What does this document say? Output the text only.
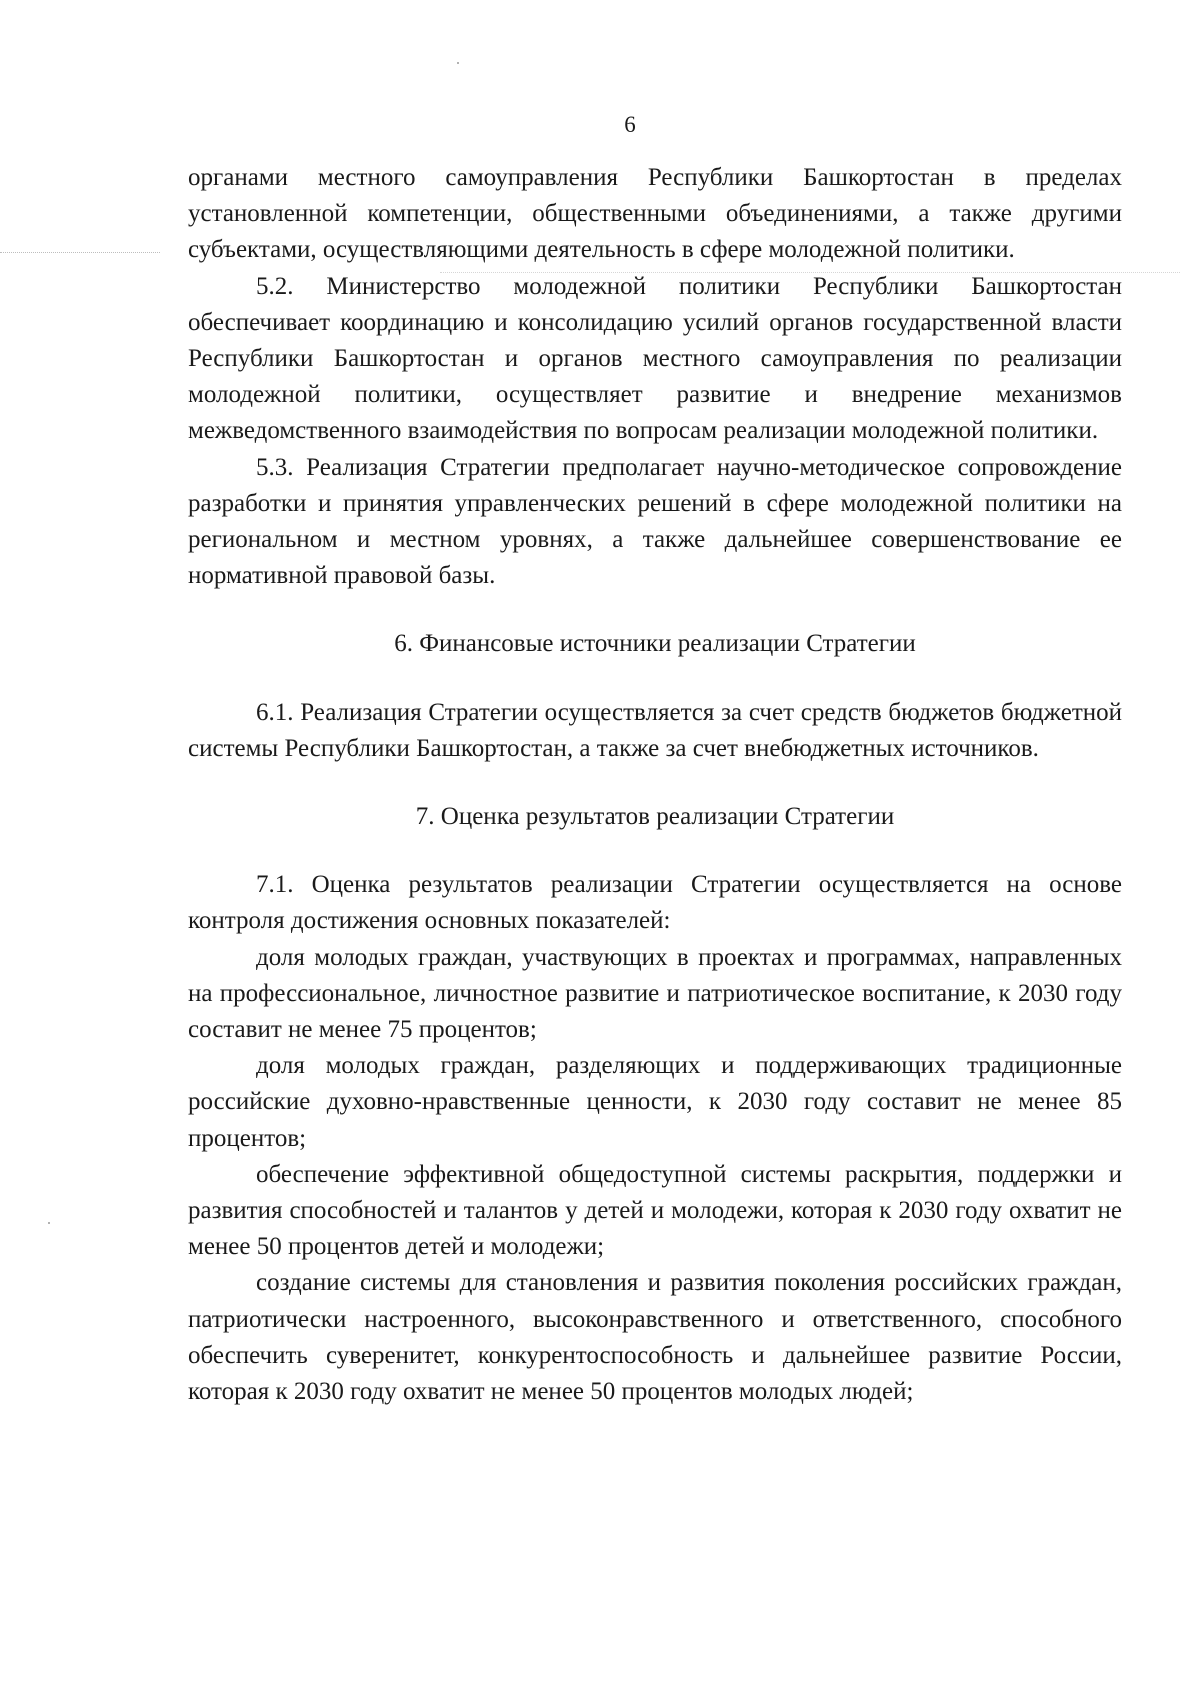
6

органами местного самоуправления Республики Башкортостан в пределах установленной компетенции, общественными объединениями, а также другими субъектами, осуществляющими деятельность в сфере молодежной политики.

5.2. Министерство молодежной политики Республики Башкортостан обеспечивает координацию и консолидацию усилий органов государственной власти Республики Башкортостан и органов местного самоуправления по реализации молодежной политики, осуществляет развитие и внедрение механизмов межведомственного взаимодействия по вопросам реализации молодежной политики.

5.3. Реализация Стратегии предполагает научно-методическое сопровождение разработки и принятия управленческих решений в сфере молодежной политики на региональном и местном уровнях, а также дальнейшее совершенствование ее нормативной правовой базы.

6. Финансовые источники реализации Стратегии

6.1. Реализация Стратегии осуществляется за счет средств бюджетов бюджетной системы Республики Башкортостан, а также за счет внебюджетных источников.

7. Оценка результатов реализации Стратегии

7.1. Оценка результатов реализации Стратегии осуществляется на основе контроля достижения основных показателей:

доля молодых граждан, участвующих в проектах и программах, направленных на профессиональное, личностное развитие и патриотическое воспитание, к 2030 году составит не менее 75 процентов;

доля молодых граждан, разделяющих и поддерживающих традиционные российские духовно-нравственные ценности, к 2030 году составит не менее 85 процентов;

обеспечение эффективной общедоступной системы раскрытия, поддержки и развития способностей и талантов у детей и молодежи, которая к 2030 году охватит не менее 50 процентов детей и молодежи;

создание системы для становления и развития поколения российских граждан, патриотически настроенного, высоконравственного и ответственного, способного обеспечить суверенитет, конкурентоспособность и дальнейшее развитие России, которая к 2030 году охватит не менее 50 процентов молодых людей;
